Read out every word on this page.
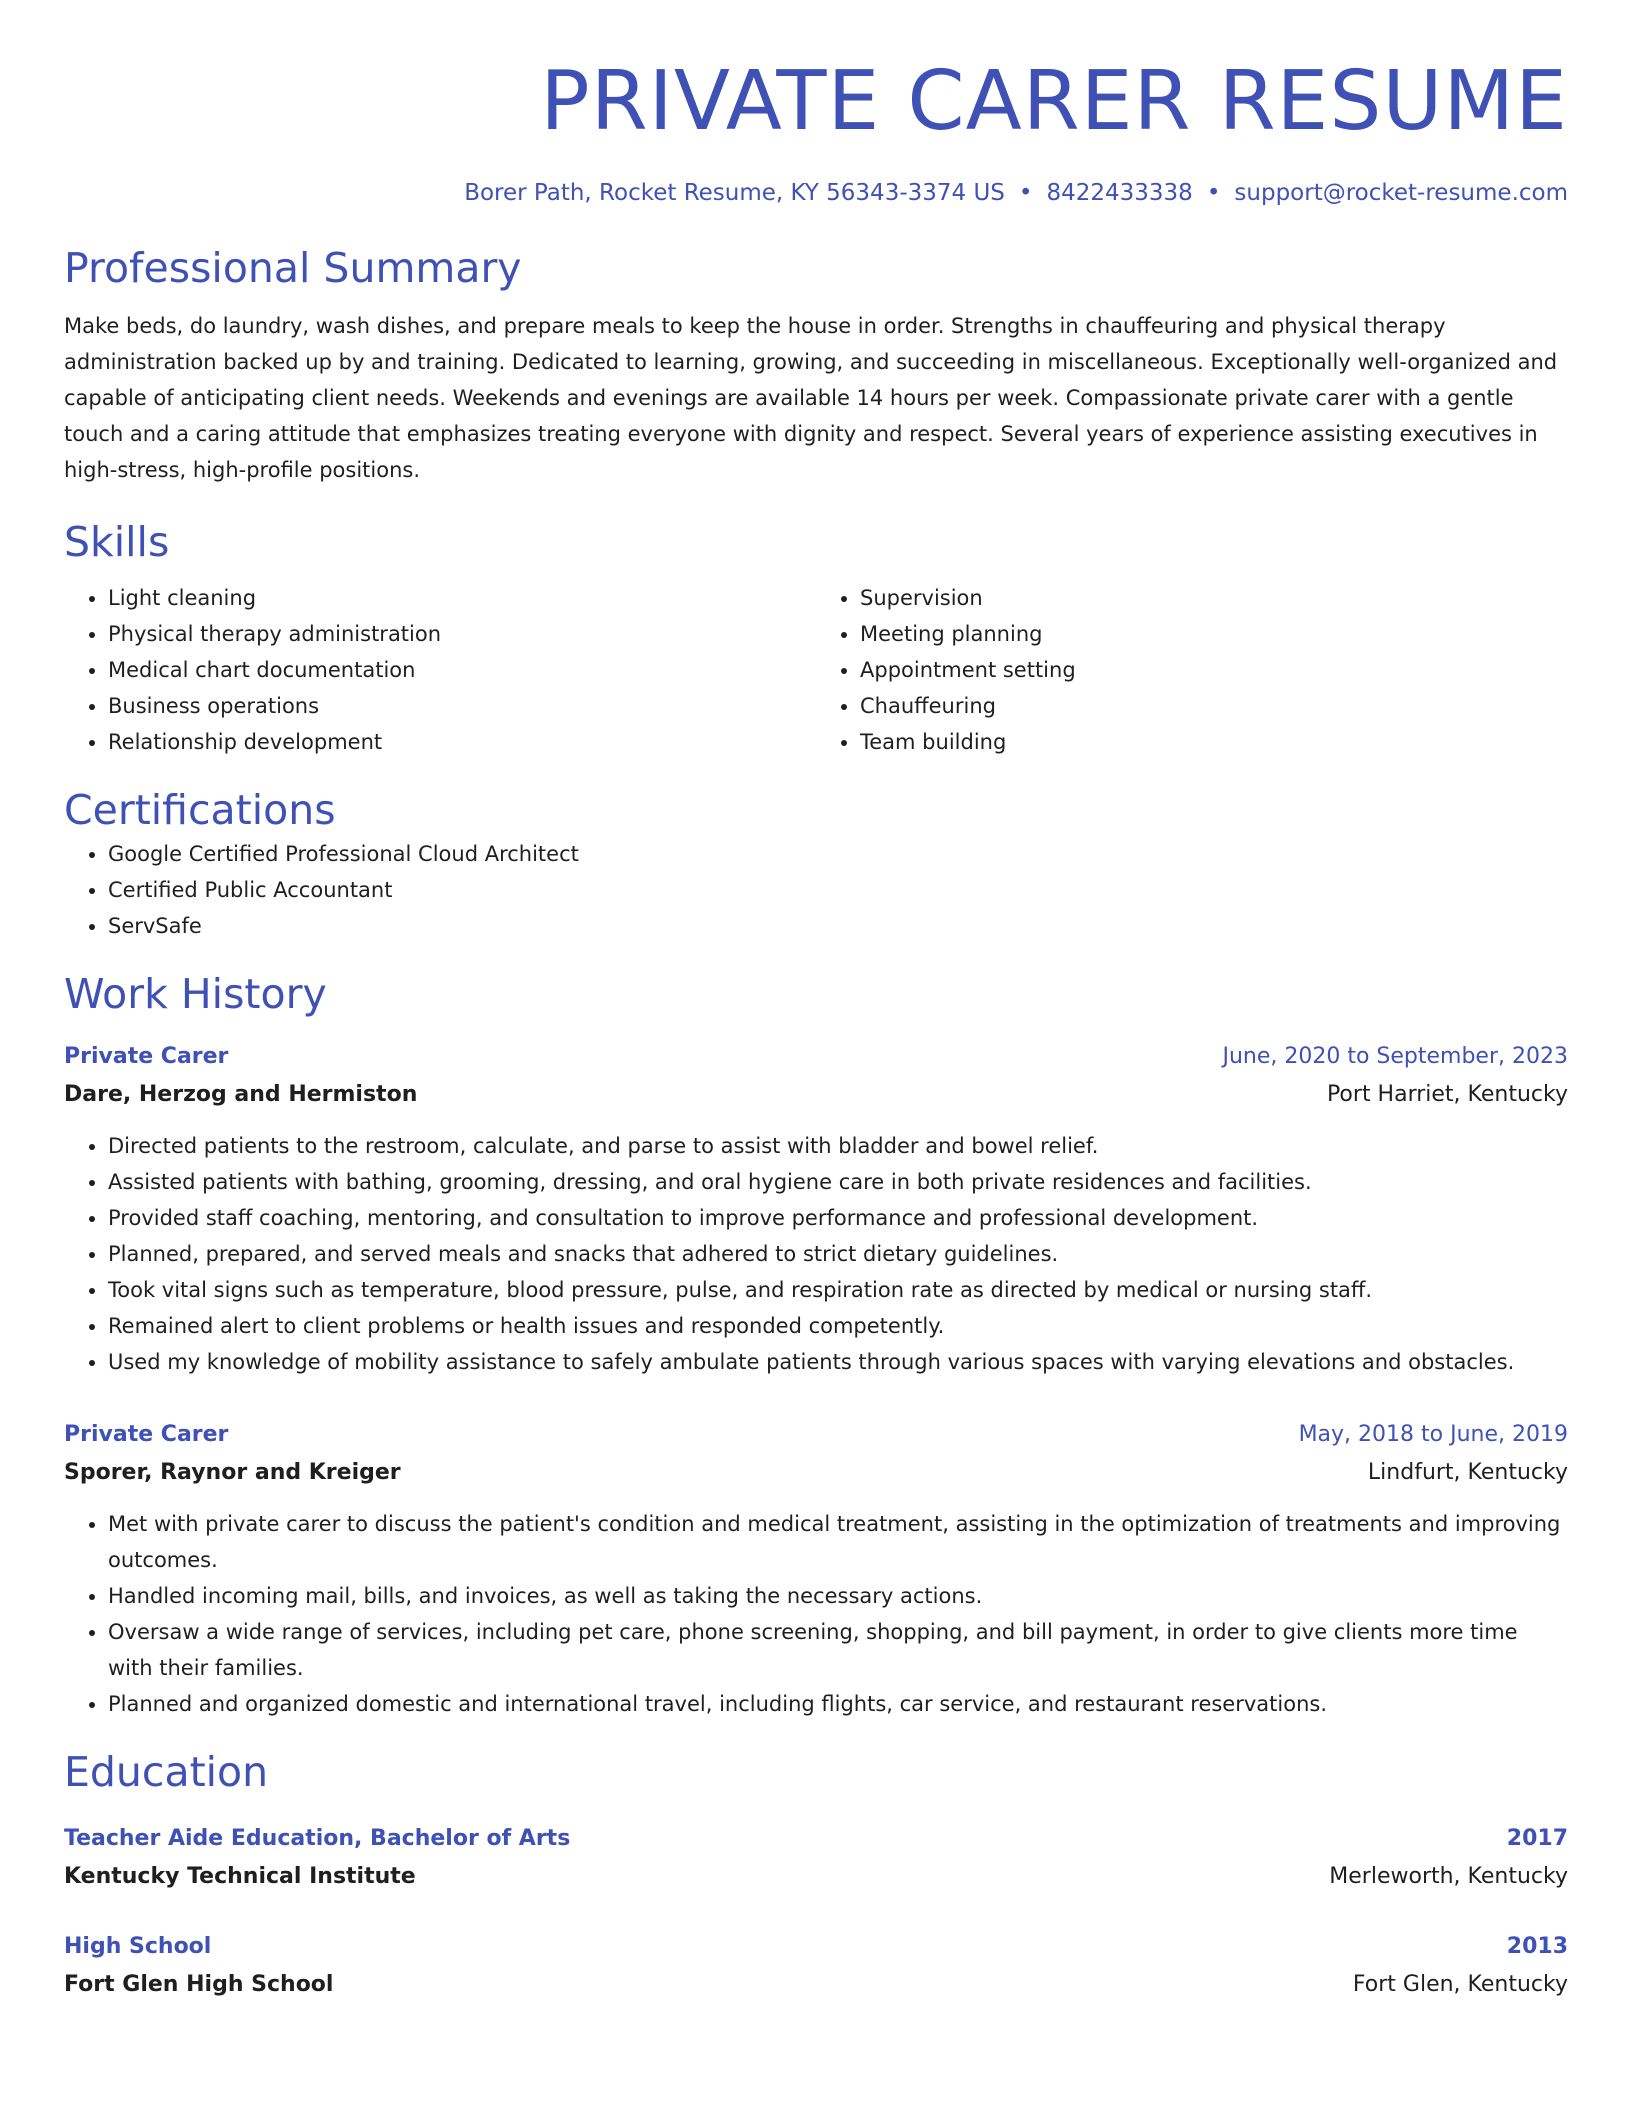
PRIVATE CARER RESUME
Borer Path, Rocket Resume, KY 56343-3374 US • 8422433338 • support@rocket-resume.com
Professional Summary
Make beds, do laundry, wash dishes, and prepare meals to keep the house in order. Strengths in chauffeuring and physical therapy administration backed up by and training. Dedicated to learning, growing, and succeeding in miscellaneous. Exceptionally well-organized and capable of anticipating client needs. Weekends and evenings are available 14 hours per week. Compassionate private carer with a gentle touch and a caring attitude that emphasizes treating everyone with dignity and respect. Several years of experience assisting executives in high-stress, high-profile positions.
Skills
• Light cleaning
• Physical therapy administration
• Medical chart documentation
• Business operations
• Relationship development
• Supervision
• Meeting planning
• Appointment setting
• Chauffeuring
• Team building
Certifications
• Google Certified Professional Cloud Architect
• Certified Public Accountant
• ServSafe
Work History
Private Carer	June, 2020 to September, 2023
Dare, Herzog and Hermiston	Port Harriet, Kentucky
• Directed patients to the restroom, calculate, and parse to assist with bladder and bowel relief.
• Assisted patients with bathing, grooming, dressing, and oral hygiene care in both private residences and facilities.
• Provided staff coaching, mentoring, and consultation to improve performance and professional development.
• Planned, prepared, and served meals and snacks that adhered to strict dietary guidelines.
• Took vital signs such as temperature, blood pressure, pulse, and respiration rate as directed by medical or nursing staff.
• Remained alert to client problems or health issues and responded competently.
• Used my knowledge of mobility assistance to safely ambulate patients through various spaces with varying elevations and obstacles.
Private Carer	May, 2018 to June, 2019
Sporer, Raynor and Kreiger	Lindfurt, Kentucky
• Met with private carer to discuss the patient's condition and medical treatment, assisting in the optimization of treatments and improving outcomes.
• Handled incoming mail, bills, and invoices, as well as taking the necessary actions.
• Oversaw a wide range of services, including pet care, phone screening, shopping, and bill payment, in order to give clients more time with their families.
• Planned and organized domestic and international travel, including flights, car service, and restaurant reservations.
Education
Teacher Aide Education, Bachelor of Arts	2017
Kentucky Technical Institute	Merleworth, Kentucky
High School	2013
Fort Glen High School	Fort Glen, Kentucky
